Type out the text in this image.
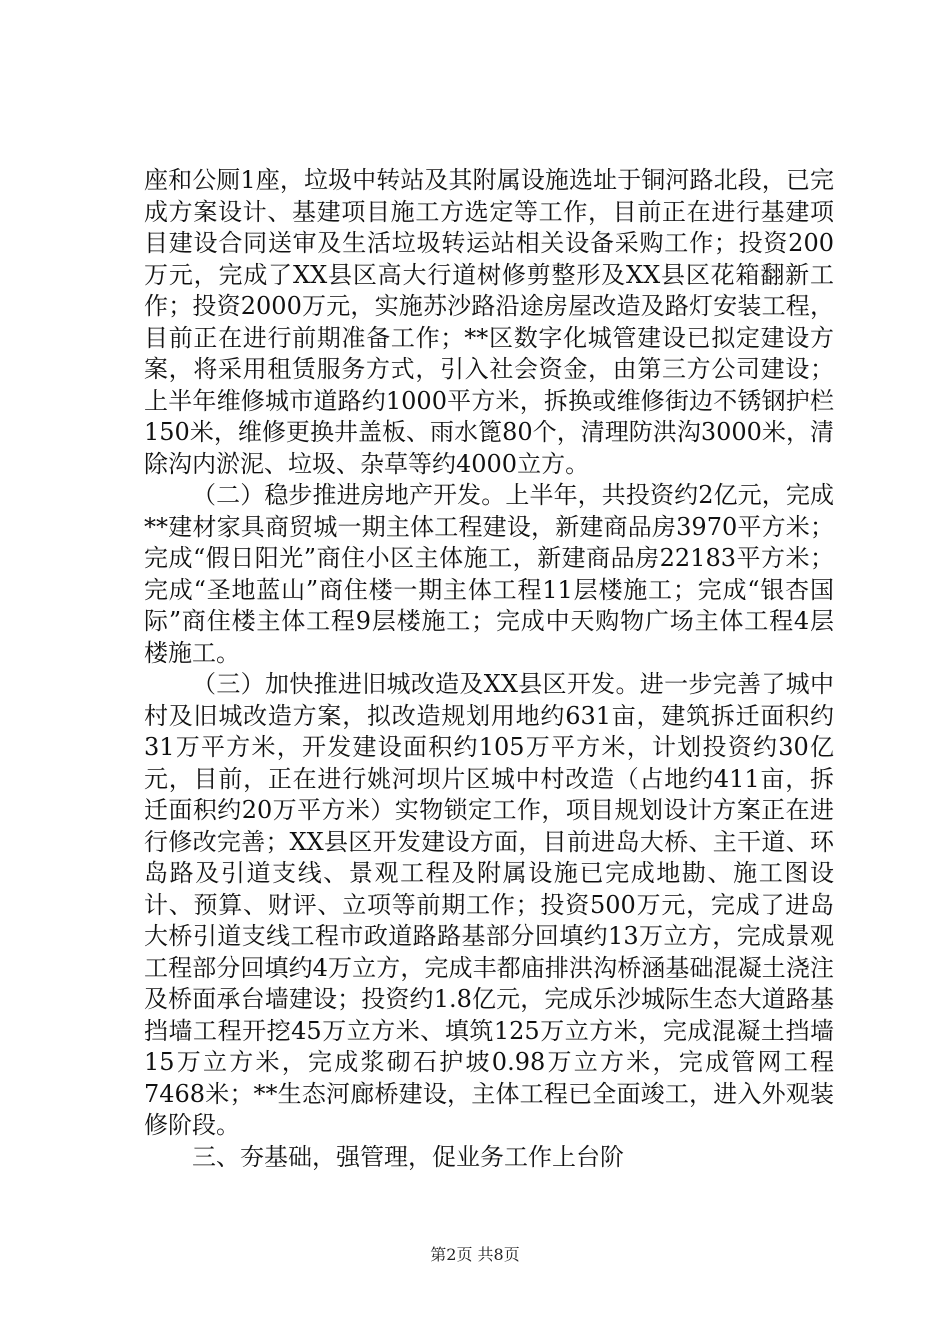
座和公厕1座，垃圾中转站及其附属设施选址于铜河路北段，已完成方案设计、基建项目施工方选定等工作，目前正在进行基建项目建设合同送审及生活垃圾转运站相关设备采购工作；投资200万元，完成了XX县区高大行道树修剪整形及XX县区花箱翻新工作；投资2000万元，实施苏沙路沿途房屋改造及路灯安装工程，目前正在进行前期准备工作；**区数字化城管建设已拟定建设方案，将采用租赁服务方式，引入社会资金，由第三方公司建设；上半年维修城市道路约1000平方米，拆换或维修街边不锈钢护栏150米，维修更换井盖板、雨水篦80个，清理防洪沟3000米，清除沟内淤泥、垃圾、杂草等约4000立方。

（二）稳步推进房地产开发。上半年，共投资约2亿元，完成**建材家具商贸城一期主体工程建设，新建商品房3970平方米；完成“假日阳光”商住小区主体施工，新建商品房22183平方米；完成“圣地蓝山”商住楼一期主体工程11层楼施工；完成“银杏国际”商住楼主体工程9层楼施工；完成中天购物广场主体工程4层楼施工。

（三）加快推进旧城改造及XX县区开发。进一步完善了城中村及旧城改造方案，拟改造规划用地约631亩，建筑拆迁面积约31万平方米，开发建设面积约105万平方米，计划投资约30亿元，目前，正在进行姚河坝片区城中村改造（占地约411亩，拆迁面积约20万平方米）实物锁定工作，项目规划设计方案正在进行修改完善；XX县区开发建设方面，目前进岛大桥、主干道、环岛路及引道支线、景观工程及附属设施已完成地勘、施工图设计、预算、财评、立项等前期工作；投资500万元，完成了进岛大桥引道支线工程市政道路路基部分回填约13万立方，完成景观工程部分回填约4万立方，完成丰都庙排洪沟桥涵基础混凝土浇注及桥面承台墙建设；投资约1.8亿元，完成乐沙城际生态大道路基挡墙工程开挖45万立方米、填筑125万立方米，完成混凝土挡墙15万立方米，完成浆砌石护坡0.98万立方米，完成管网工程7468米；**生态河廊桥建设，主体工程已全面竣工，进入外观装修阶段。

三、夯基础，强管理，促业务工作上台阶

第2页 共8页
